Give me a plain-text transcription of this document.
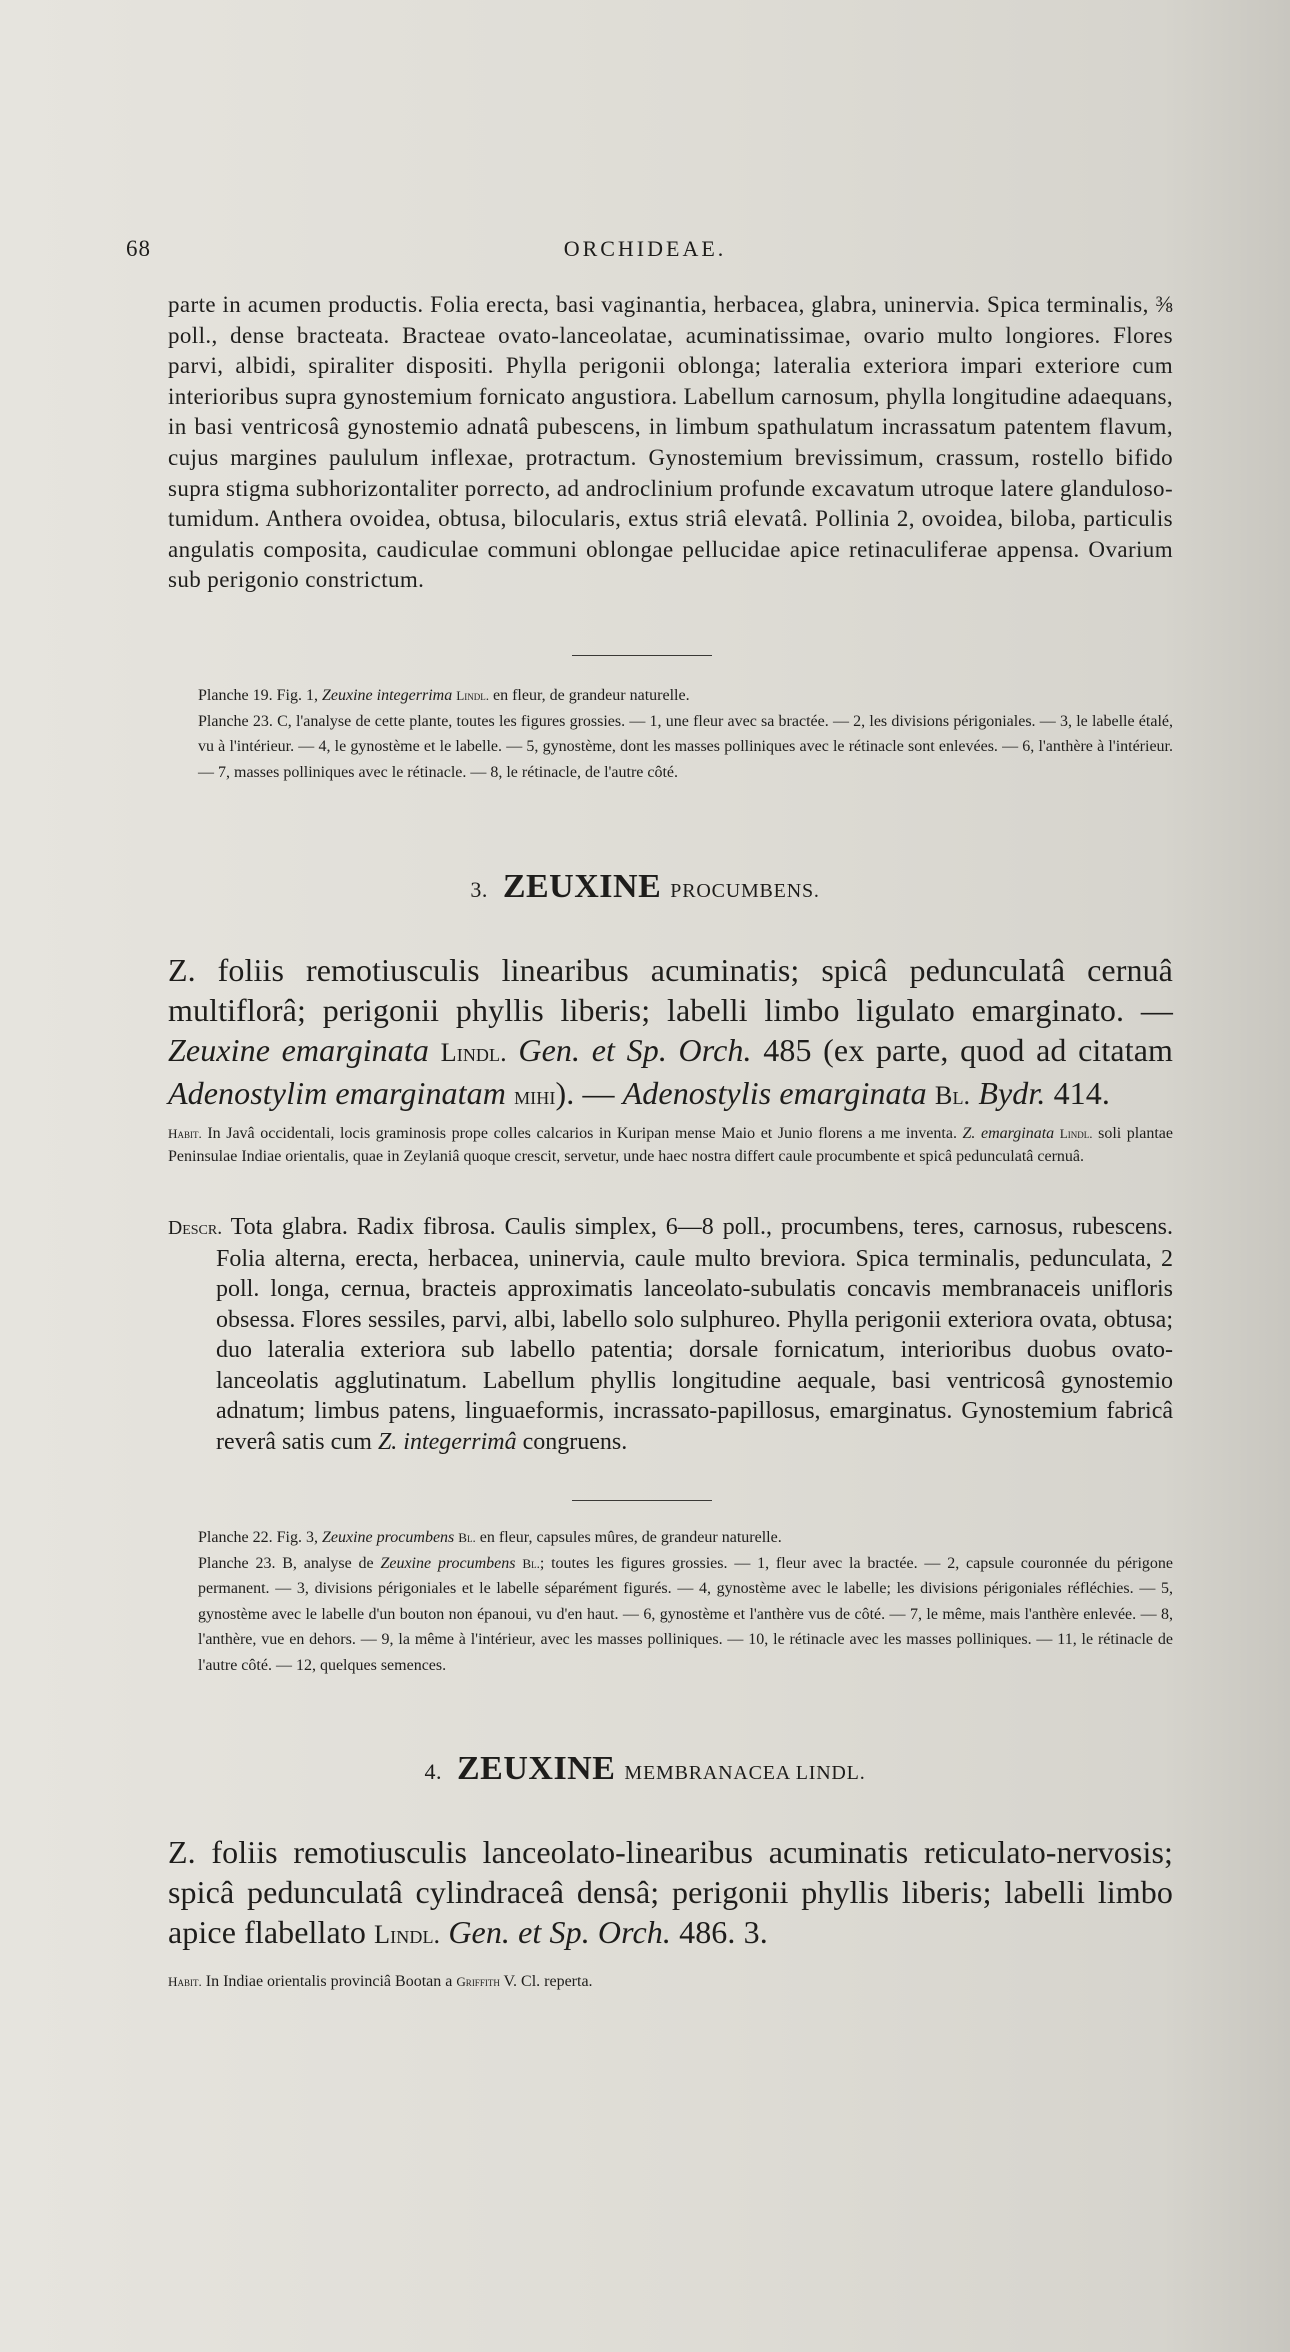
68	ORCHIDEAE.
parte in acumen productis. Folia erecta, basi vaginantia, herbacea, glabra, uninervia. Spica terminalis, ⅜ poll., dense bracteata. Bracteae ovato-lanceolatae, acuminatissimae, ovario multo longiores. Flores parvi, albidi, spiraliter dispositi. Phylla perigonii oblonga; lateralia exteriora impari exteriore cum interioribus supra gynostemium fornicato angustiora. Labellum carnosum, phylla longitudine adaequans, in basi ventricosâ gynostemio adnatâ pubescens, in limbum spathulatum incrassatum patentem flavum, cujus margines paululum inflexae, protractum. Gynostemium brevissimum, crassum, rostello bifido supra stigma subhorizontaliter porrecto, ad androclinium profunde excavatum utroque latere glanduloso-tumidum. Anthera ovoidea, obtusa, bilocularis, extus striâ elevatâ. Pollinia 2, ovoidea, biloba, particulis angulatis composita, caudiculae communi oblongae pellucidae apice retinaculiferae appensa. Ovarium sub perigonio constrictum.

Planche 19. Fig. 1, Zeuxine integerrima Lindl. en fleur, de grandeur naturelle.

Planche 23. C, l'analyse de cette plante, toutes les figures grossies. — 1, une fleur avec sa bractée. — 2, les divisions périgoniales. — 3, le labelle étalé, vu à l'intérieur. — 4, le gynostème et le labelle. — 5, gynostème, dont les masses polliniques avec le rétinacle sont enlevées. — 6, l'anthère à l'intérieur. — 7, masses polliniques avec le rétinacle. — 8, le rétinacle, de l'autre côté.

3. ZEUXINE PROCUMBENS.
Z. foliis remotiusculis linearibus acuminatis; spicâ pedunculatâ cernuâ multiflorâ; perigonii phyllis liberis; labelli limbo ligulato emarginato. — Zeuxine emarginata Lindl. Gen. et Sp. Orch. 485 (ex parte, quod ad citatam Adenostylim emarginatam mihi). — Adenostylis emarginata Bl. Bydr. 414.
Habit. In Javâ occidentali, locis graminosis prope colles calcarios in Kuripan mense Maio et Junio florens a me inventa. Z. emarginata Lindl. soli plantae Peninsulae Indiae orientalis, quae in Zeylaniâ quoque crescit, servetur, unde haec nostra differt caule procumbente et spicâ pedunculatâ cernuâ.

Descr. Tota glabra. Radix fibrosa. Caulis simplex, 6—8 poll., procumbens, teres, carnosus, rubescens. Folia alterna, erecta, herbacea, uninervia, caule multo breviora. Spica terminalis, pedunculata, 2 poll. longa, cernua, bracteis approximatis lanceolato-subulatis concavis membranaceis unifloris obsessa. Flores sessiles, parvi, albi, labello solo sulphureo. Phylla perigonii exteriora ovata, obtusa; duo lateralia exteriora sub labello patentia; dorsale fornicatum, interioribus duobus ovato-lanceolatis agglutinatum. Labellum phyllis longitudine aequale, basi ventricosâ gynostemio adnatum; limbus patens, linguaeformis, incrassato-papillosus, emarginatus. Gynostemium fabricâ reverâ satis cum Z. integerrimâ congruens.

Planche 22. Fig. 3, Zeuxine procumbens Bl. en fleur, capsules mûres, de grandeur naturelle.

Planche 23. B, analyse de Zeuxine procumbens Bl.; toutes les figures grossies. — 1, fleur avec la bractée. — 2, capsule couronnée du périgone permanent. — 3, divisions périgoniales et le labelle séparément figurés. — 4, gynostème avec le labelle; les divisions périgoniales réfléchies. — 5, gynostème avec le labelle d'un bouton non épanoui, vu d'en haut. — 6, gynostème et l'anthère vus de côté. — 7, le même, mais l'anthère enlevée. — 8, l'anthère, vue en dehors. — 9, la même à l'intérieur, avec les masses polliniques. — 10, le rétinacle avec les masses polliniques. — 11, le rétinacle de l'autre côté. — 12, quelques semences.

4. ZEUXINE MEMBRANACEA LINDL.
Z. foliis remotiusculis lanceolato-linearibus acuminatis reticulato-nervosis; spicâ pedunculatâ cylindraceâ densâ; perigonii phyllis liberis; labelli limbo apice flabellato Lindl. Gen. et Sp. Orch. 486. 3.
Habit. In Indiae orientalis provinciâ Bootan a Griffith V. Cl. reperta.
